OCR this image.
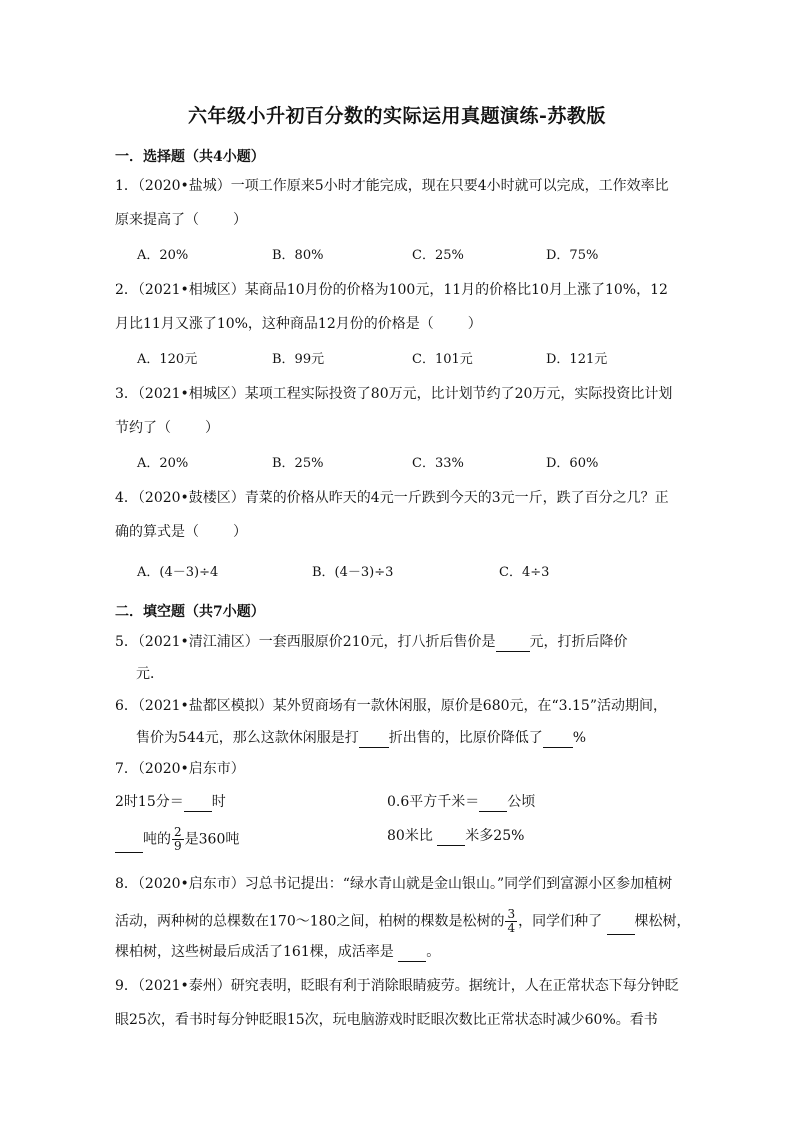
六年级小升初百分数的实际运用真题演练-苏教版
一．选择题（共4小题）
1．（2020•盐城）一项工作原来5小时才能完成，现在只要4小时就可以完成，工作效率比
原来提高了（ ）
A．20%	B．80%	C．25%	D．75%
2．（2021•相城区）某商品10月份的价格为100元，11月的价格比10月上涨了10%，12
月比11月又涨了10%，这种商品12月份的价格是（ ）
A．120元	B．99元	C．101元	D．121元
3．（2021•相城区）某项工程实际投资了80万元，比计划节约了20万元，实际投资比计划
节约了（ ）
A．20%	B．25%	C．33%	D．60%
4．（2020•鼓楼区）青菜的价格从昨天的4元一斤跌到今天的3元一斤，跌了百分之几？正
确的算式是（ ）
A．(4－3)÷4	B．(4－3)÷3	C．4÷3
二．填空题（共7小题）
5．（2021•清江浦区）一套西服原价210元，打八折后售价是 元，打折后降价
元．
6．（2021•盐都区模拟）某外贸商场有一款休闲服，原价是680元，在“3.15”活动期间，
售价为544元，那么这款休闲服是打 折出售的，比原价降低了 %
7．（2020•启东市）
2时15分＝ 时	0.6平方千米＝ 公顷
吨的 $\frac{2}{9}$ 是360吨	80米比 米多25%
8．（2020•启东市）习总书记提出：“绿水青山就是金山银山。”同学们到富源小区参加植树
活动，两种树的总棵数在170～180之间，柏树的棵数是松树的 $\frac{3}{4}$ ，同学们种了 棵松树，
棵柏树，这些树最后成活了161棵，成活率是 。
9．（2021•泰州）研究表明，眨眼有利于消除眼睛疲劳。据统计，人在正常状态下每分钟眨
眼25次，看书时每分钟眨眼15次，玩电脑游戏时眨眼次数比正常状态时减少60%。看书
